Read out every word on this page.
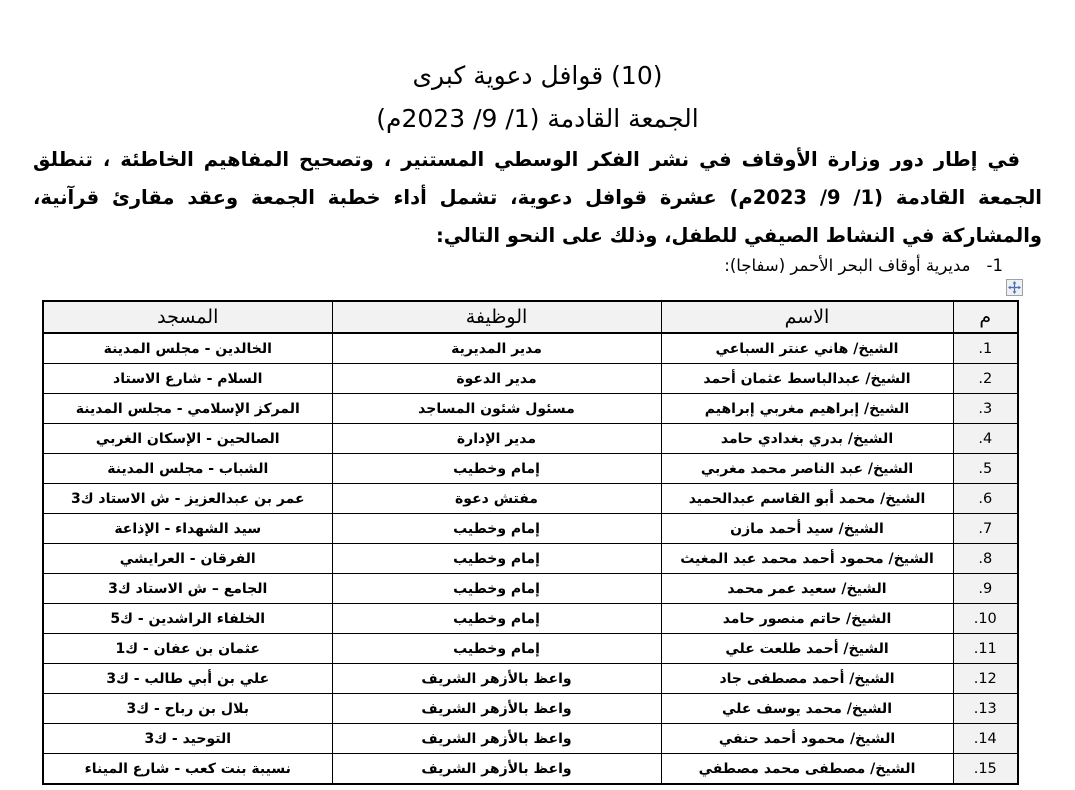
(10) قوافل دعوية كبرى
الجمعة القادمة (1/ 9/ 2023م)
في إطار دور وزارة الأوقاف في نشر الفكر الوسطي المستنير ، وتصحيح المفاهيم الخاطئة ، تنطلق الجمعة القادمة (1/ 9/ 2023م) عشرة قوافل دعوية، تشمل أداء خطبة الجمعة وعقد مقارئ قرآنية، والمشاركة في النشاط الصيفي للطفل، وذلك على النحو التالي:
1-مديرية أوقاف البحر الأحمر (سفاجا):
م	الاسم	الوظيفة	المسجد
1.	الشيخ/ هاني عنتر السباعي	مدير المديرية	الخالدين - مجلس المدينة
2.	الشيخ/ عبدالباسط عثمان أحمد	مدير الدعوة	السلام - شارع الاستاد
3.	الشيخ/ إبراهيم مغربي إبراهيم	مسئول شئون المساجد	المركز الإسلامي - مجلس المدينة
4.	الشيخ/ بدري بغدادي حامد	مدير الإدارة	الصالحين - الإسكان الغربي
5.	الشيخ/ عبد الناصر محمد مغربي	إمام وخطيب	الشباب - مجلس المدينة
6.	الشيخ/ محمد أبو القاسم عبدالحميد	مفتش دعوة	عمر بن عبدالعزيز - ش الاستاد ك3
7.	الشيخ/ سيد أحمد مازن	إمام وخطيب	سيد الشهداء - الإذاعة
8.	الشيخ/ محمود أحمد محمد عبد المغيث	إمام وخطيب	الفرقان - العرايشي
9.	الشيخ/ سعيد عمر محمد	إمام وخطيب	الجامع – ش الاستاد ك3
10.	الشيخ/ حاتم منصور حامد	إمام وخطيب	الخلفاء الراشدين - ك5
11.	الشيخ/ أحمد طلعت علي	إمام وخطيب	عثمان بن عفان - ك1
12.	الشيخ/ أحمد مصطفى جاد	واعظ بالأزهر الشريف	علي بن أبي طالب - ك3
13.	الشيخ/ محمد يوسف علي	واعظ بالأزهر الشريف	بلال بن رباح - ك3
14.	الشيخ/ محمود أحمد حنفي	واعظ بالأزهر الشريف	التوحيد - ك3
15.	الشيخ/ مصطفى محمد مصطفي	واعظ بالأزهر الشريف	نسيبة بنت كعب - شارع الميناء
